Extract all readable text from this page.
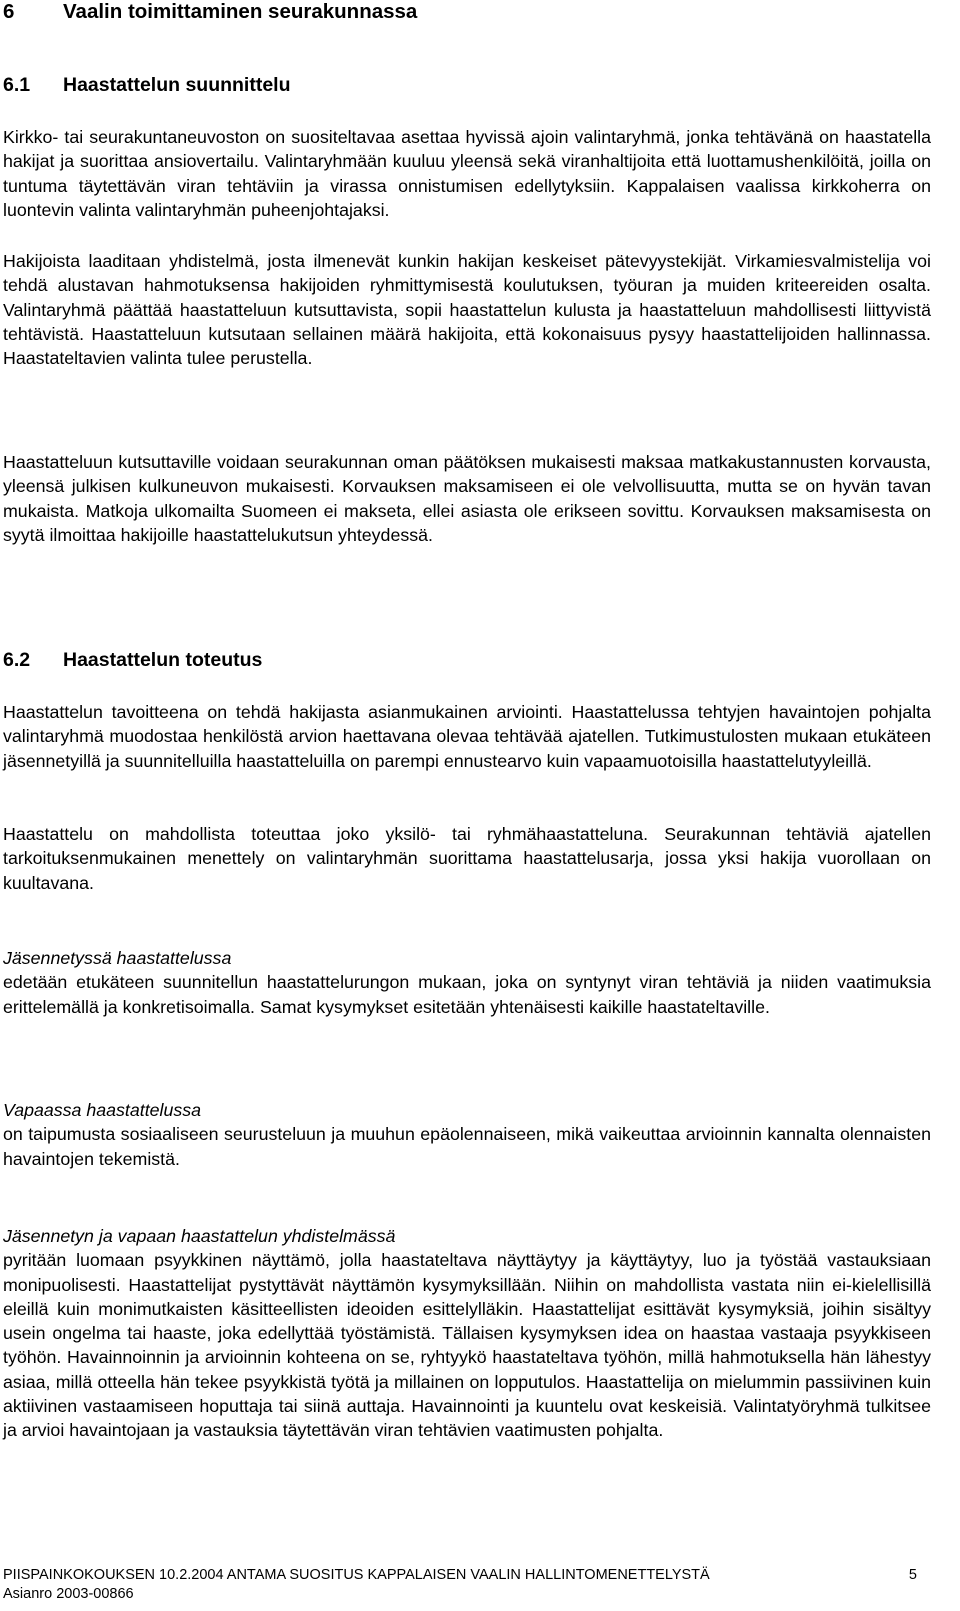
6 Vaalin toimittaminen seurakunnassa
6.1 Haastattelun suunnittelu
Kirkko- tai seurakuntaneuvoston on suositeltavaa asettaa hyvissä ajoin valintaryhmä, jonka tehtävänä on haastatella hakijat ja suorittaa ansiovertailu. Valintaryhmään kuuluu yleensä sekä viranhaltijoita että luottamushenkilöitä, joilla on tuntuma täytettävän viran tehtäviin ja virassa onnistumisen edellytyksiin. Kappalaisen vaalissa kirkkoherra on luontevin valinta valintaryhmän puheenjohtajaksi.
Hakijoista laaditaan yhdistelmä, josta ilmenevät kunkin hakijan keskeiset pätevyystekijät. Virkamiesvalmistelija voi tehdä alustavan hahmotuksensa hakijoiden ryhmittymisestä koulutuksen, työuran ja muiden kriteereiden osalta. Valintaryhmä päättää haastatteluun kutsuttavista, sopii haastattelun kulusta ja haastatteluun mahdollisesti liittyvistä tehtävistä. Haastatteluun kutsutaan sellainen määrä hakijoita, että kokonaisuus pysyy haastattelijoiden hallinnassa. Haastateltavien valinta tulee perustella.
Haastatteluun kutsuttaville voidaan seurakunnan oman päätöksen mukaisesti maksaa matkakustannusten korvausta, yleensä julkisen kulkuneuvon mukaisesti. Korvauksen maksamiseen ei ole velvollisuutta, mutta se on hyvän tavan mukaista. Matkoja ulkomailta Suomeen ei makseta, ellei asiasta ole erikseen sovittu. Korvauksen maksamisesta on syytä ilmoittaa hakijoille haastattelukutsun yhteydessä.
6.2 Haastattelun toteutus
Haastattelun tavoitteena on tehdä hakijasta asianmukainen arviointi. Haastattelussa tehtyjen havaintojen pohjalta valintaryhmä muodostaa henkilöstä arvion haettavana olevaa tehtävää ajatellen. Tutkimustulosten mukaan etukäteen jäsennetyillä ja suunnitelluilla haastatteluilla on parempi ennustearvo kuin vapaamuotoisilla haastattelutyyleillä.
Haastattelu on mahdollista toteuttaa joko yksilö- tai ryhmähaastatteluna. Seurakunnan tehtäviä ajatellen tarkoituksenmukainen menettely on valintaryhmän suorittama haastattelusarja, jossa yksi hakija vuorollaan on kuultavana.
Jäsennetyssä haastattelussa
edetään etukäteen suunnitellun haastattelurungon mukaan, joka on syntynyt viran tehtäviä ja niiden vaatimuksia erittelemällä ja konkretisoimalla. Samat kysymykset esitetään yhtenäisesti kaikille haastateltaville.
Vapaassa haastattelussa
on taipumusta sosiaaliseen seurusteluun ja muuhun epäolennaiseen, mikä vaikeuttaa arvioinnin kannalta olennaisten havaintojen tekemistä.
Jäsennetyn ja vapaan haastattelun yhdistelmässä
pyritään luomaan psyykkinen näyttämö, jolla haastateltava näyttäytyy ja käyttäytyy, luo ja työstää vastauksiaan monipuolisesti. Haastattelijat pystyttävät näyttämön kysymyksillään. Niihin on mahdollista vastata niin ei-kielellisillä eleillä kuin monimutkaisten käsitteellisten ideoiden esittelylläkin. Haastattelijat esittävät kysymyksiä, joihin sisältyy usein ongelma tai haaste, joka edellyttää työstämistä. Tällaisen kysymyksen idea on haastaa vastaaja psyykkiseen työhön. Havainnoinnin ja arvioinnin kohteena on se, ryhtyykö haastateltava työhön, millä hahmotuksella hän lähestyy asiaa, millä otteella hän tekee psyykkistä työtä ja millainen on lopputulos. Haastattelija on mielummin passiivinen kuin aktiivinen vastaamiseen hoputtaja tai siinä auttaja. Havainnointi ja kuuntelu ovat keskeisiä. Valintatyöryhmä tulkitsee ja arvioi havaintojaan ja vastauksia täytettävän viran tehtävien vaatimusten pohjalta.
PIISPAINKOKOUKSEN 10.2.2004 ANTAMA SUOSITUS KAPPALAISEN VAALIN HALLINTOMENETTELYSTÄ	5
Asianro 2003-00866
